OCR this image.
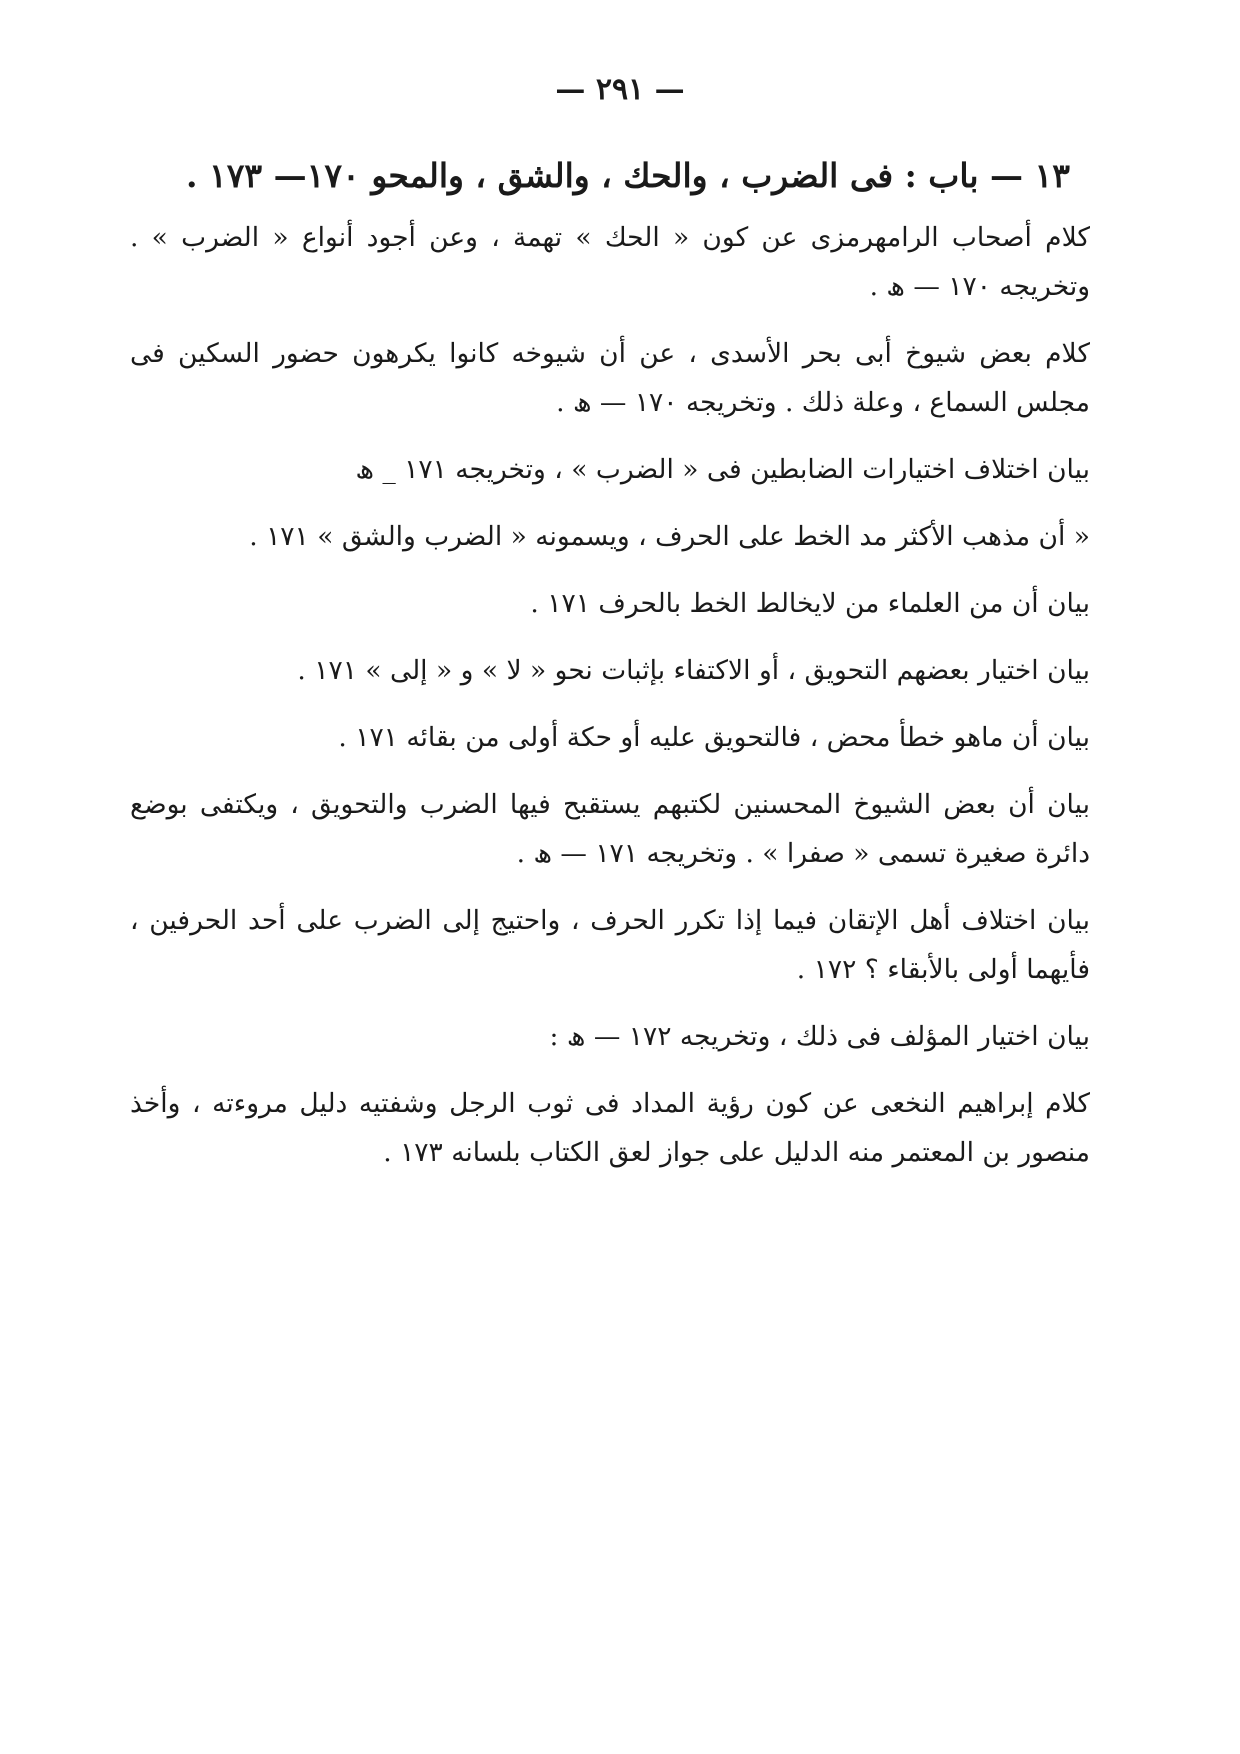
— ٢٩١ —
١٣ — باب : فى الضرب ، والحك ، والشق ، والمحو ١٧٠— ١٧٣ .

كلام أصحاب الرامهرمزى عن كون « الحك » تهمة ، وعن أجود أنواع « الضرب » . وتخريجه ١٧٠ — ھ .

كلام بعض شيوخ أبى بحر الأسدى ، عن أن شيوخه كانوا يكرهون حضور السكين فى مجلس السماع ، وعلة ذلك . وتخريجه ١٧٠ — ھ .

بيان اختلاف اختيارات الضابطين فى « الضرب » ، وتخريجه ١٧١ _ ھ

« أن مذهب الأكثر مد الخط على الحرف ، ويسمونه « الضرب والشق » ١٧١ .

بيان أن من العلماء من لايخالط الخط بالحرف ١٧١ .

بيان اختيار بعضهم التحويق ، أو الاكتفاء بإثبات نحو « لا » و « إلى » ١٧١ .

بيان أن ماهو خطأ محض ، فالتحويق عليه أو حكة أولى من بقائه ١٧١ .

بيان أن بعض الشيوخ المحسنين لكتبهم يستقبح فيها الضرب والتحويق ، ويكتفى بوضع دائرة صغيرة تسمى « صفرا » . وتخريجه ١٧١ — ھ .

بيان اختلاف أهل الإتقان فيما إذا تكرر الحرف ، واحتيج إلى الضرب على أحد الحرفين ، فأيهما أولى بالأبقاء ؟ ١٧٢ .

بيان اختيار المؤلف فى ذلك ، وتخريجه ١٧٢ — ھ :

كلام إبراهيم النخعى عن كون رؤية المداد فى ثوب الرجل وشفتيه دليل مروءته ، وأخذ منصور بن المعتمر منه الدليل على جواز لعق الكتاب بلسانه ١٧٣ .
